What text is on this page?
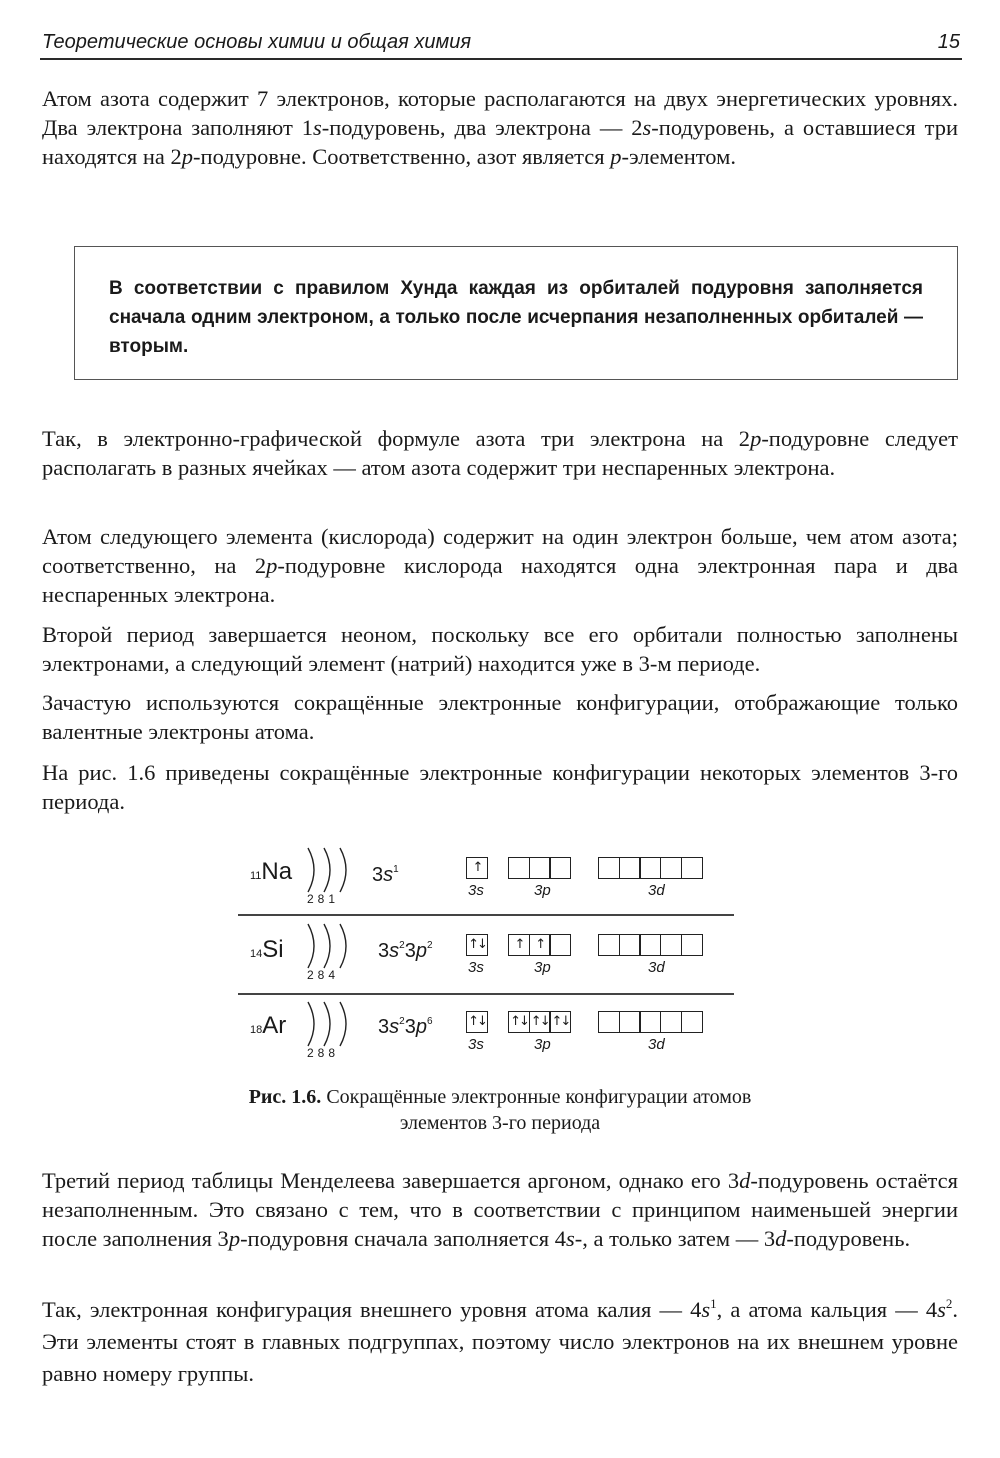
Теоретические основы химии и общая химия	15

Атом азота содержит 7 электронов, которые располагаются на двух энергетических уровнях. Два электрона заполняют 1s-подуровень, два электрона — 2s-подуровень, а оставшиеся три находятся на 2p-подуровне. Соответственно, азот является p-элементом.

В соответствии с правилом Хунда каждая из орбиталей подуровня заполняется сначала одним электроном, а только после исчерпания незаполненных орбиталей — вторым.

Так, в электронно-графической формуле азота три электрона на 2p-подуровне следует располагать в разных ячейках — атом азота содержит три неспаренных электрона.

Атом следующего элемента (кислорода) содержит на один электрон больше, чем атом азота; соответственно, на 2p-подуровне кислорода находятся одна электронная пара и два неспаренных электрона.

Второй период завершается неоном, поскольку все его орбитали полностью заполнены электронами, а следующий элемент (натрий) находится уже в 3-м периоде.

Зачастую используются сокращённые электронные конфигурации, отображающие только валентные электроны атома.

На рис. 1.6 приведены сокращённые электронные конфигурации некоторых элементов 3-го периода.

11Na
281
$3s^1$	↑
3s	3p	3d
14Si
284
$3s^23p^2$	↑↓	↑ ↑
3s	3p	3d
18Ar
288
$3s^23p^6$	↑↓ ↑↓ ↑↓ ↑↓
3s	3p	3d
Рис. 1.6. Сокращённые электронные конфигурации атомов
элементов 3-го периода

Третий период таблицы Менделеева завершается аргоном, однако его 3d-подуровень остаётся незаполненным. Это связано с тем, что в соответствии с принципом наименьшей энергии после заполнения 3p-подуровня сначала заполняется 4s-, а только затем — 3d-подуровень.

Так, электронная конфигурация внешнего уровня атома калия — $4s^1$, а атома кальция — $4s^2$. Эти элементы стоят в главных подгруппах, поэтому число электронов на их внешнем уровне равно номеру группы.
